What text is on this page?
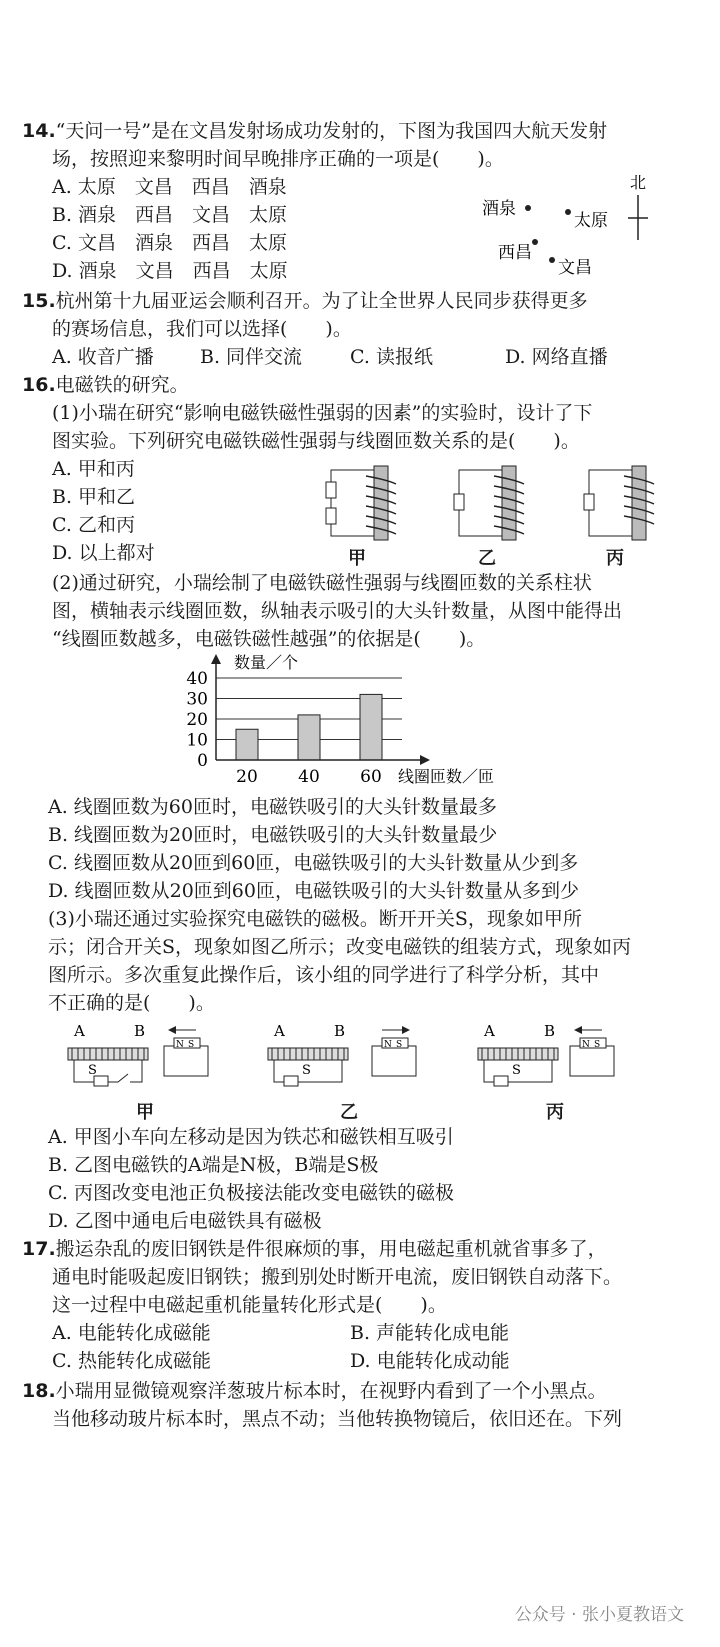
14.“天问一号”是在文昌发射场成功发射的，下图为我国四大航天发射
场，按照迎来黎明时间早晚排序正确的一项是(　　)。
A. 太原　文昌　西昌　酒泉
B. 酒泉　西昌　文昌　太原
C. 文昌　酒泉　西昌　太原
D. 酒泉　文昌　西昌　太原
北
酒泉
太原
西昌
文昌
15.杭州第十九届亚运会顺利召开。为了让全世界人民同步获得更多
的赛场信息，我们可以选择(　　)。
A. 收音广播 B. 同伴交流	C. 读报纸	D. 网络直播
16.电磁铁的研究。
(1)小瑞在研究“影响电磁铁磁性强弱的因素”的实验时，设计了下
图实验。下列研究电磁铁磁性强弱与线圈匝数关系的是(　　)。
A. 甲和丙
B. 甲和乙
C. 乙和丙
D. 以上都对	甲	乙	丙
(2)通过研究，小瑞绘制了电磁铁磁性强弱与线圈匝数的关系柱状
图，横轴表示线圈匝数，纵轴表示吸引的大头针数量，从图中能得出
“线圈匝数越多，电磁铁磁性越强”的依据是(　　)。
数量／个
线圈匝数／匝
0
10
20
30
40
20 40 60
A. 线圈匝数为60匝时，电磁铁吸引的大头针数量最多
B. 线圈匝数为20匝时，电磁铁吸引的大头针数量最少
C. 线圈匝数从20匝到60匝，电磁铁吸引的大头针数量从少到多
D. 线圈匝数从20匝到60匝，电磁铁吸引的大头针数量从多到少
(3)小瑞还通过实验探究电磁铁的磁极。断开开关S，现象如甲所
示；闭合开关S，现象如图乙所示；改变电磁铁的组装方式，现象如丙
图所示。多次重复此操作后，该小组的同学进行了科学分析，其中
不正确的是(　　)。
A	B
S
N S
A	B
S
N S
A	B
S
N S
甲	乙	丙
A. 甲图小车向左移动是因为铁芯和磁铁相互吸引
B. 乙图电磁铁的A端是N极，B端是S极
C. 丙图改变电池正负极接法能改变电磁铁的磁极
D. 乙图中通电后电磁铁具有磁极
17.搬运杂乱的废旧钢铁是件很麻烦的事，用电磁起重机就省事多了，
通电时能吸起废旧钢铁；搬到别处时断开电流，废旧钢铁自动落下。
这一过程中电磁起重机能量转化形式是(　　)。
A. 电能转化成磁能	B. 声能转化成电能
C. 热能转化成磁能	D. 电能转化成动能
18.小瑞用显微镜观察洋葱玻片标本时，在视野内看到了一个小黑点。
当他移动玻片标本时，黑点不动；当他转换物镜后，依旧还在。下列
公众号 · 张小夏教语文
